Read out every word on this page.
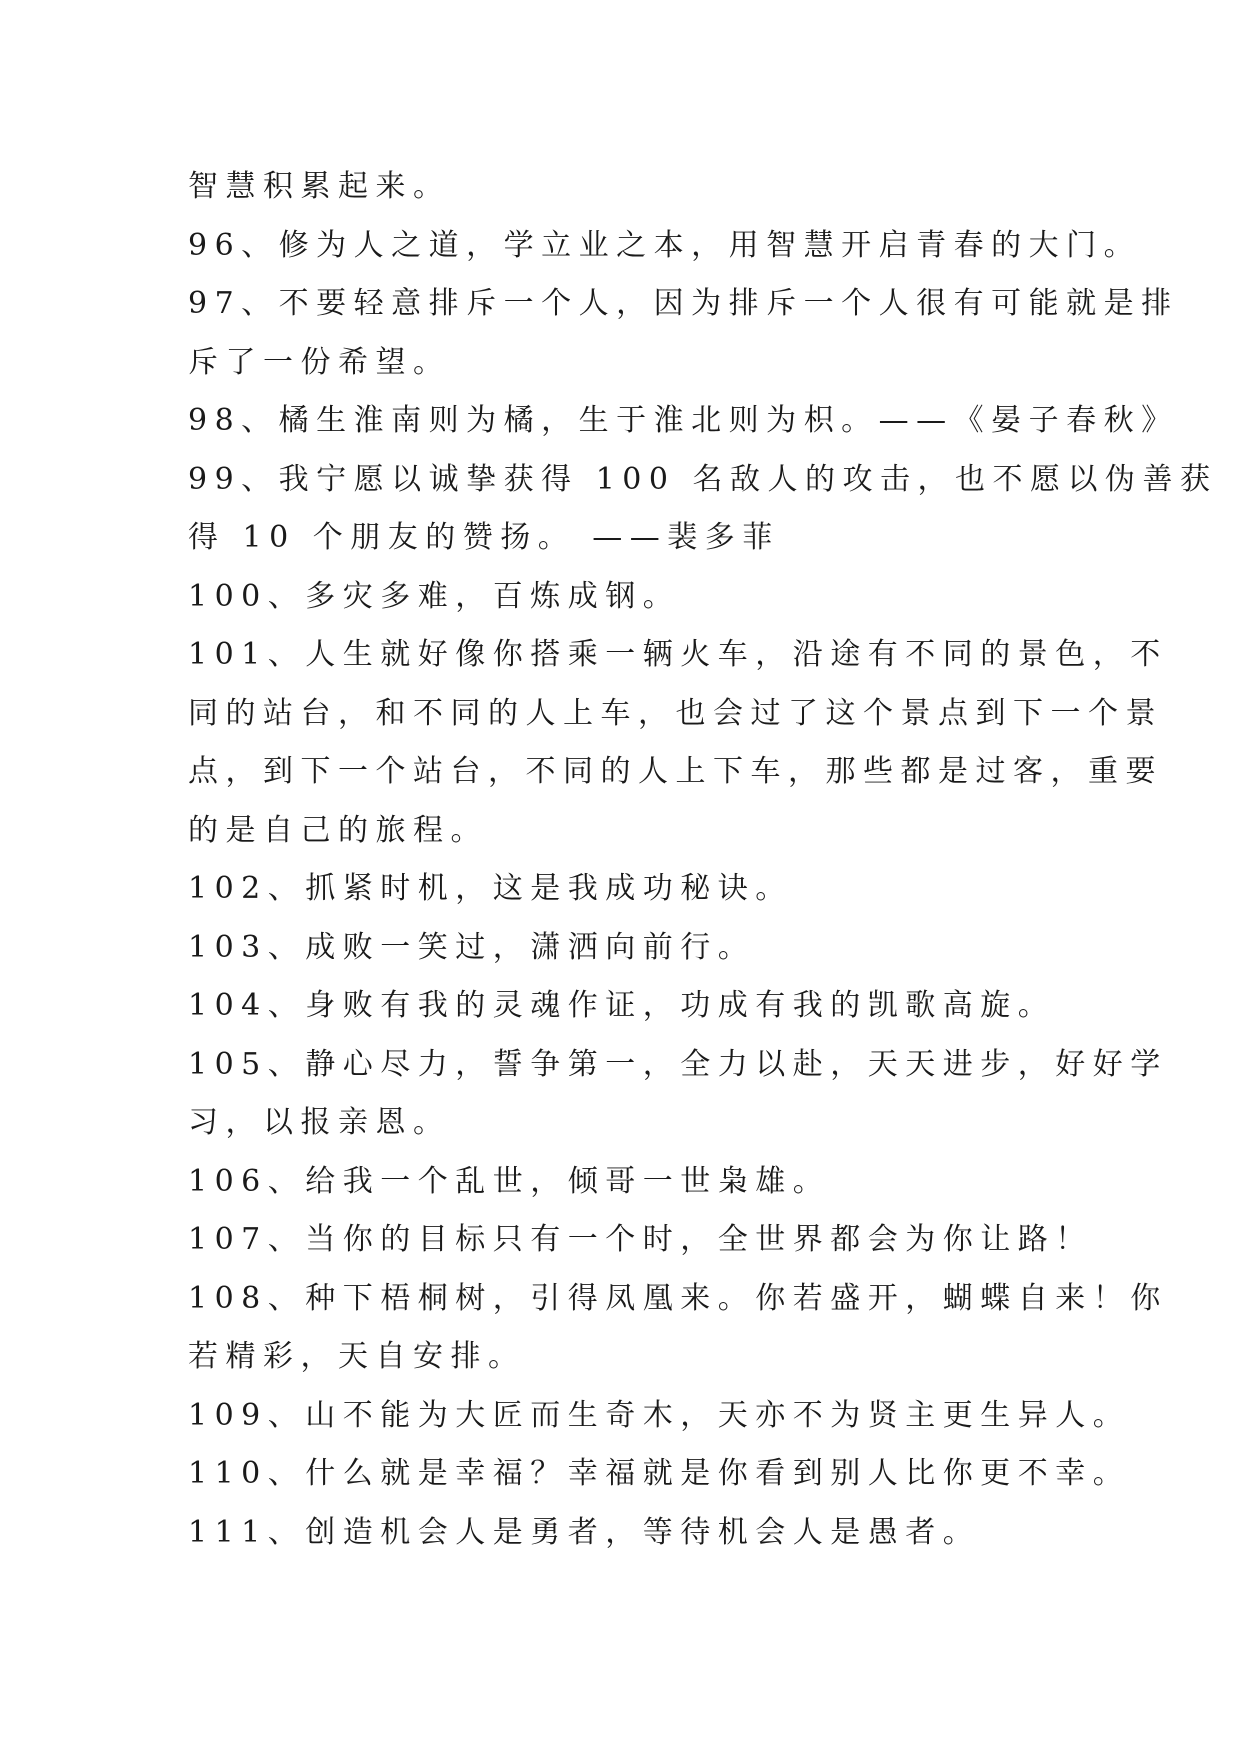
智慧积累起来。
96、修为人之道，学立业之本，用智慧开启青春的大门。
97、不要轻意排斥一个人，因为排斥一个人很有可能就是排
斥了一份希望。
98、橘生淮南则为橘，生于淮北则为枳。——《晏子春秋》
99、我宁愿以诚挚获得 100 名敌人的攻击，也不愿以伪善获
得 10 个朋友的赞扬。 ——裴多菲
100、多灾多难，百炼成钢。
101、人生就好像你搭乘一辆火车，沿途有不同的景色，不
同的站台，和不同的人上车，也会过了这个景点到下一个景
点，到下一个站台，不同的人上下车，那些都是过客，重要
的是自己的旅程。
102、抓紧时机，这是我成功秘诀。
103、成败一笑过，潇洒向前行。
104、身败有我的灵魂作证，功成有我的凯歌高旋。
105、静心尽力，誓争第一，全力以赴，天天进步，好好学
习，以报亲恩。
106、给我一个乱世，倾哥一世枭雄。
107、当你的目标只有一个时，全世界都会为你让路！
108、种下梧桐树，引得凤凰来。你若盛开，蝴蝶自来！你
若精彩，天自安排。
109、山不能为大匠而生奇木，天亦不为贤主更生异人。
110、什么就是幸福？幸福就是你看到别人比你更不幸。
111、创造机会人是勇者，等待机会人是愚者。
